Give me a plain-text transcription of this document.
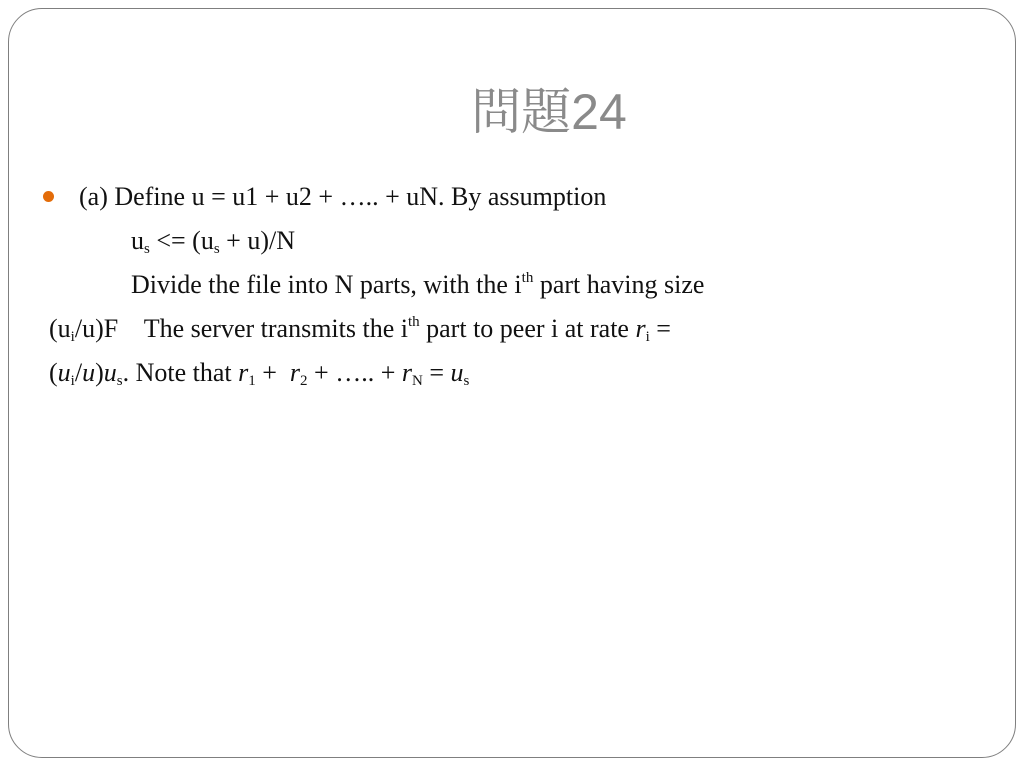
問題24
(a) Define u = u1 + u2 + ….. + uN. By assumption
$u_s <= (u_s + u)/N$
Divide the file into N parts, with the $i^{th}$ part having size
$(u_i/u)F$    The server transmits the $i^{th}$ part to peer i at rate $r_i$ =
$(u_i/u)u_s$. Note that $r_1 + r_2$ + ….. + $r_N = u_s$
